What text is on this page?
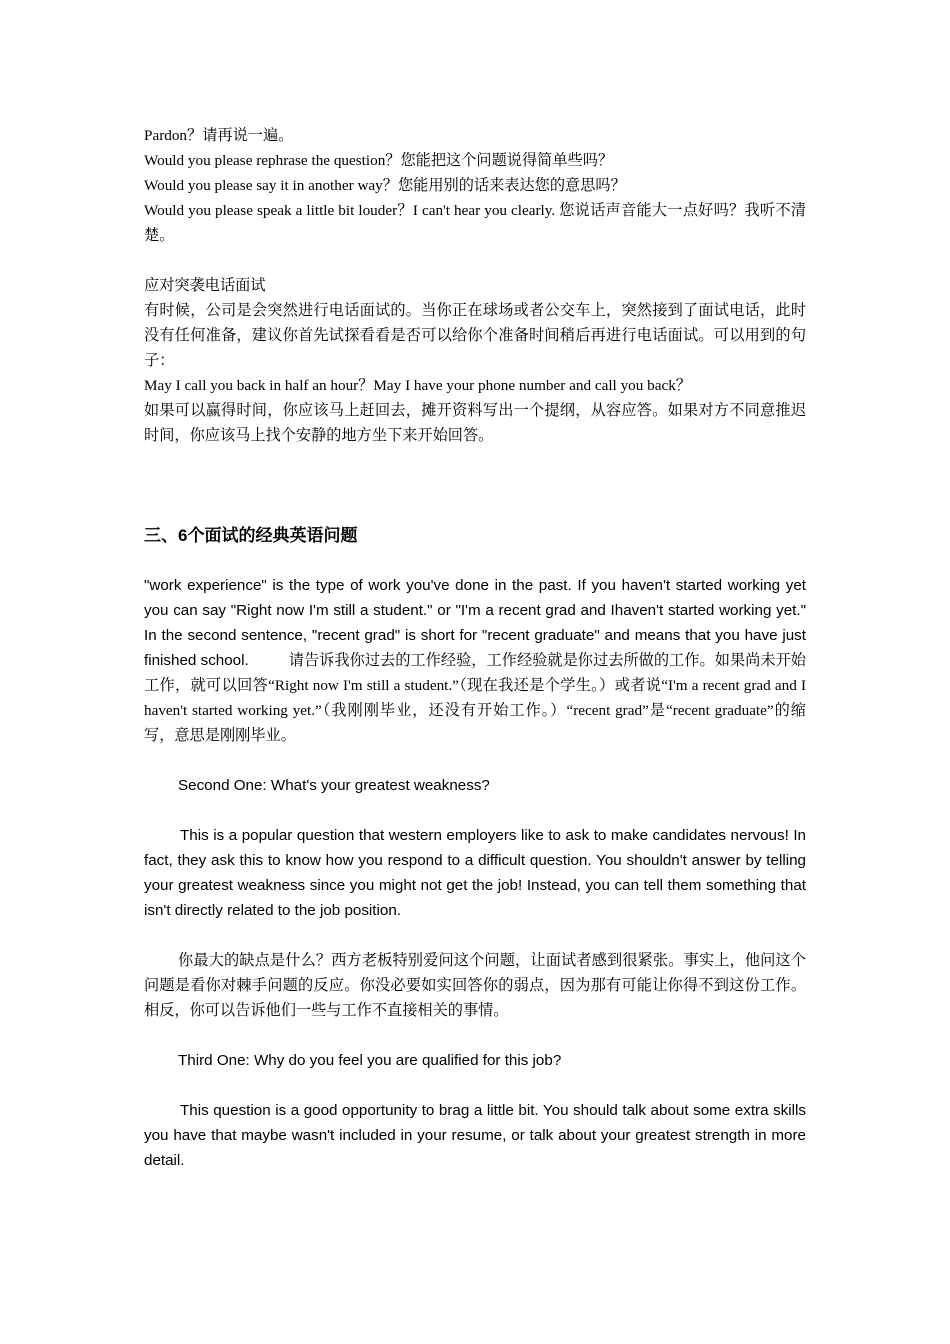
Pardon？请再说一遍。

Would you please rephrase the question？您能把这个问题说得简单些吗？

Would you please say it in another way？您能用别的话来表达您的意思吗？

Would you please speak a little bit louder？I can't hear you clearly. 您说话声音能大一点好吗？我听不清楚。

应对突袭电话面试

有时候，公司是会突然进行电话面试的。当你正在球场或者公交车上，突然接到了面试电话，此时没有任何准备，建议你首先试探看看是否可以给你个准备时间稍后再进行电话面试。可以用到的句子：

May I call you back in half an hour？May I have your phone number and call you back？

如果可以赢得时间，你应该马上赶回去，摊开资料写出一个提纲，从容应答。如果对方不同意推迟时间，你应该马上找个安静的地方坐下来开始回答。

三、6个面试的经典英语问题

"work experience" is the type of work you've done in the past. If you haven't started working yet you can say "Right now I'm still a student." or "I'm a recent grad and Ihaven't started working yet." In the second sentence, "recent grad" is short for "recent graduate" and means that you have just finished school.	请告诉我你过去的工作经验，工作经验就是你过去所做的工作。如果尚未开始工作，就可以回答“Right now I'm still a student.”（现在我还是个学生。）或者说“I'm a recent grad and I haven't started working yet.”（我刚刚毕业，还没有开始工作。）“recent grad”是“recent graduate”的缩写，意思是刚刚毕业。

Second One: What's your greatest weakness?

This is a popular question that western employers like to ask to make candidates nervous! In fact, they ask this to know how you respond to a difficult question. You shouldn't answer by telling your greatest weakness since you might not get the job! Instead, you can tell them something that isn't directly related to the job position.

你最大的缺点是什么？西方老板特别爱问这个问题，让面试者感到很紧张。事实上，他问这个问题是看你对棘手问题的反应。你没必要如实回答你的弱点，因为那有可能让你得不到这份工作。相反，你可以告诉他们一些与工作不直接相关的事情。

Third One: Why do you feel you are qualified for this job?

This question is a good opportunity to brag a little bit. You should talk about some extra skills you have that maybe wasn't included in your resume, or talk about your greatest strength in more detail.
